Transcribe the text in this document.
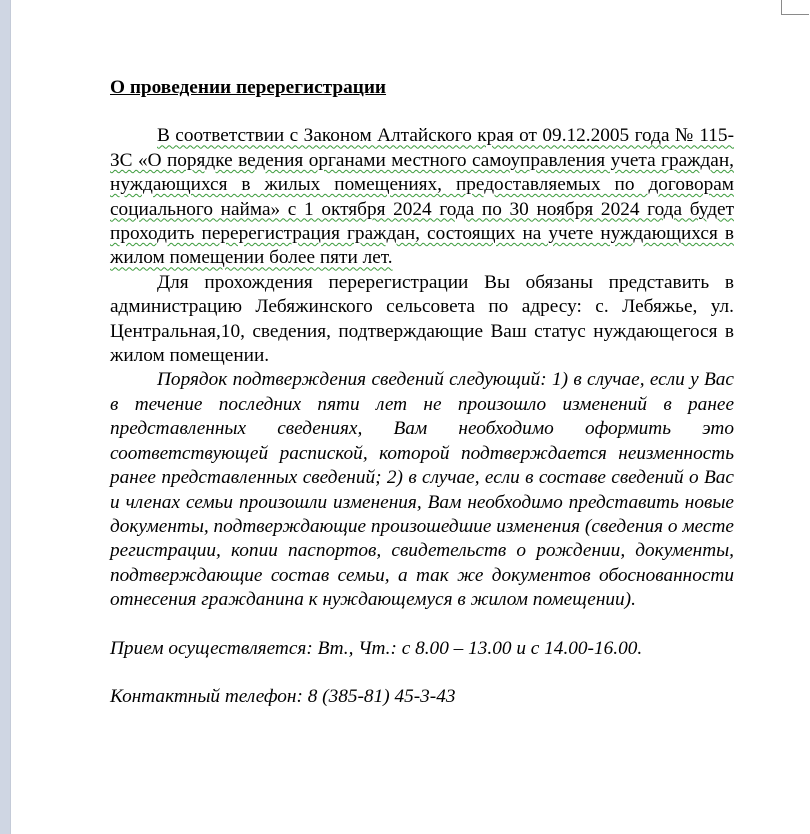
О проведении перерегистрации

В соответствии с Законом Алтайского края от 09.12.2005 года № 115-ЗС «О порядке ведения органами местного самоуправления учета граждан, нуждающихся в жилых помещениях, предоставляемых по договорам социального найма» с 1 октября 2024 года по 30 ноября 2024 года будет проходить перерегистрация граждан, состоящих на учете нуждающихся в жилом помещении более пяти лет.

Для прохождения перерегистрации Вы обязаны представить в администрацию Лебяжинского сельсовета по адресу: с. Лебяжье, ул. Центральная,10, сведения, подтверждающие Ваш статус нуждающегося в жилом помещении.

Порядок подтверждения сведений следующий: 1) в случае, если у Вас в течение последних пяти лет не произошло изменений в ранее представленных сведениях, Вам необходимо оформить это соответствующей распиской, которой подтверждается неизменность ранее представленных сведений; 2) в случае, если в составе сведений о Вас и членах семьи произошли изменения, Вам необходимо представить новые документы, подтверждающие произошедшие изменения (сведения о месте регистрации, копии паспортов, свидетельств о рождении, документы, подтверждающие состав семьи, а так же документов обоснованности отнесения гражданина к нуждающемуся в жилом помещении).

Прием осуществляется: Вт., Чт.: с 8.00 – 13.00 и с 14.00-16.00.

Контактный телефон: 8 (385-81) 45-3-43
